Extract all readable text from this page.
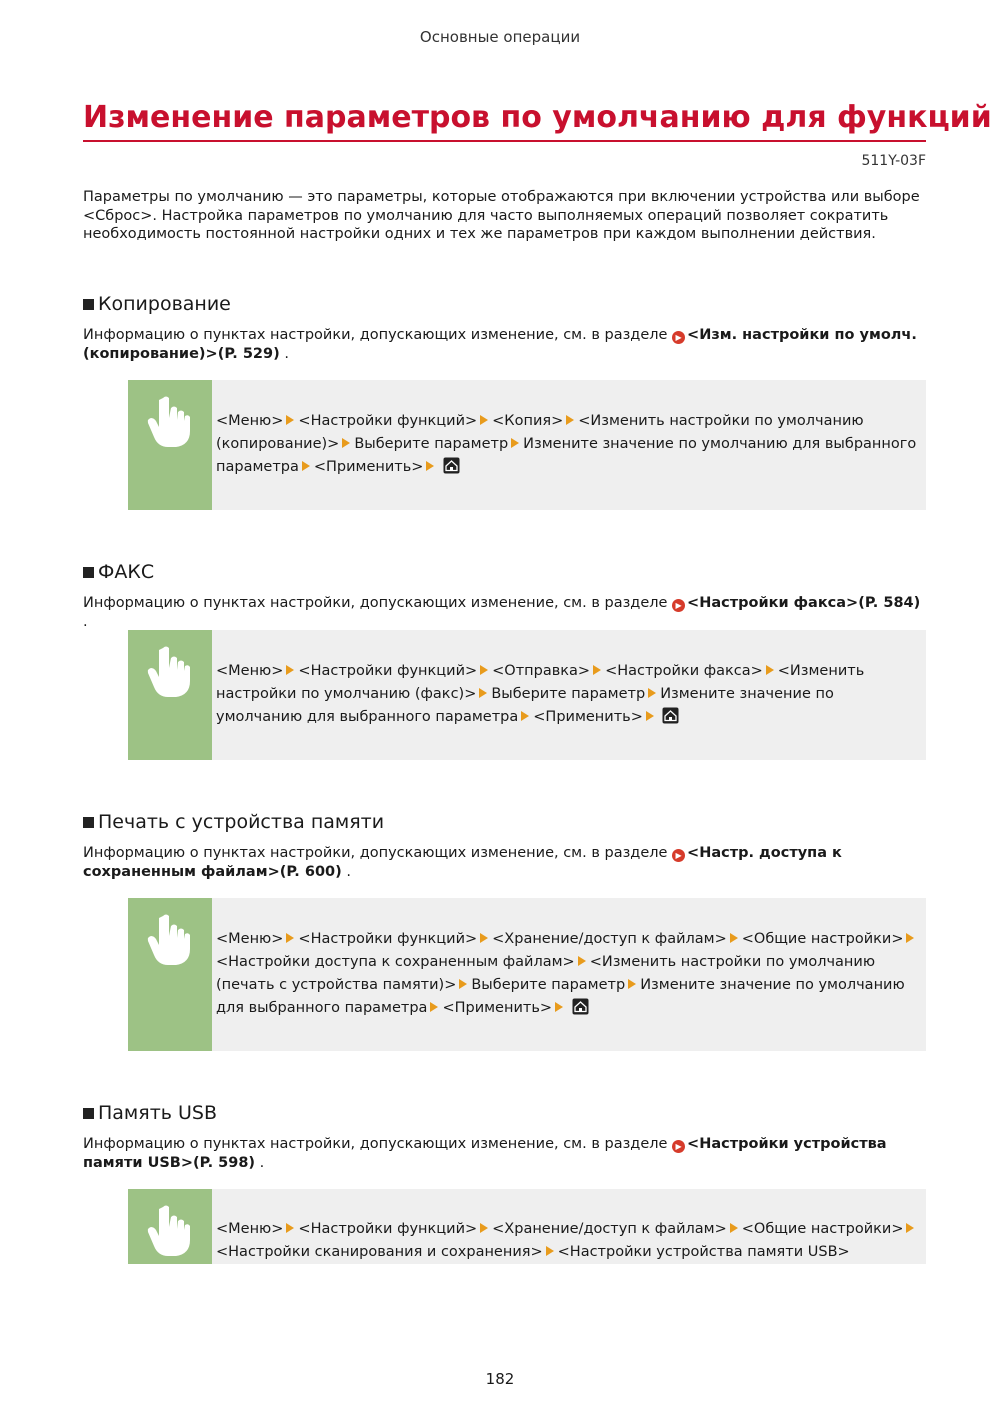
Основные операции
Изменение параметров по умолчанию для функций
511Y-03F
Параметры по умолчанию — это параметры, которые отображаются при включении устройства или выборе <Сброс>. Настройка параметров по умолчанию для часто выполняемых операций позволяет сократить необходимость постоянной настройки одних и тех же параметров при каждом выполнении действия.
Копирование
Информацию о пунктах настройки, допускающих изменение, см. в разделе ▶ <Изм. настройки по умолч. (копирование)>(P. 529) .
<Меню> <Настройки функций> <Копия> <Изменить настройки по умолчанию (копирование)> Выберите параметр Измените значение по умолчанию для выбранного параметра <Применить>
ФАКС
Информацию о пунктах настройки, допускающих изменение, см. в разделе ▶ <Настройки факса>(P. 584) .
<Меню> <Настройки функций> <Отправка> <Настройки факса> <Изменить настройки по умолчанию (факс)> Выберите параметр Измените значение по умолчанию для выбранного параметра <Применить>
Печать с устройства памяти
Информацию о пунктах настройки, допускающих изменение, см. в разделе ▶ <Настр. доступа к сохраненным файлам>(P. 600) .
<Меню> <Настройки функций> <Хранение/доступ к файлам> <Общие настройки><Настройки доступа к сохраненным файлам> <Изменить настройки по умолчанию (печать с устройства памяти)> Выберите параметр Измените значение по умолчанию для выбранного параметра <Применить>
Память USB
Информацию о пунктах настройки, допускающих изменение, см. в разделе ▶ <Настройки устройства памяти USB>(P. 598) .
<Меню> <Настройки функций> <Хранение/доступ к файлам> <Общие настройки><Настройки сканирования и сохранения> <Настройки устройства памяти USB>
182
